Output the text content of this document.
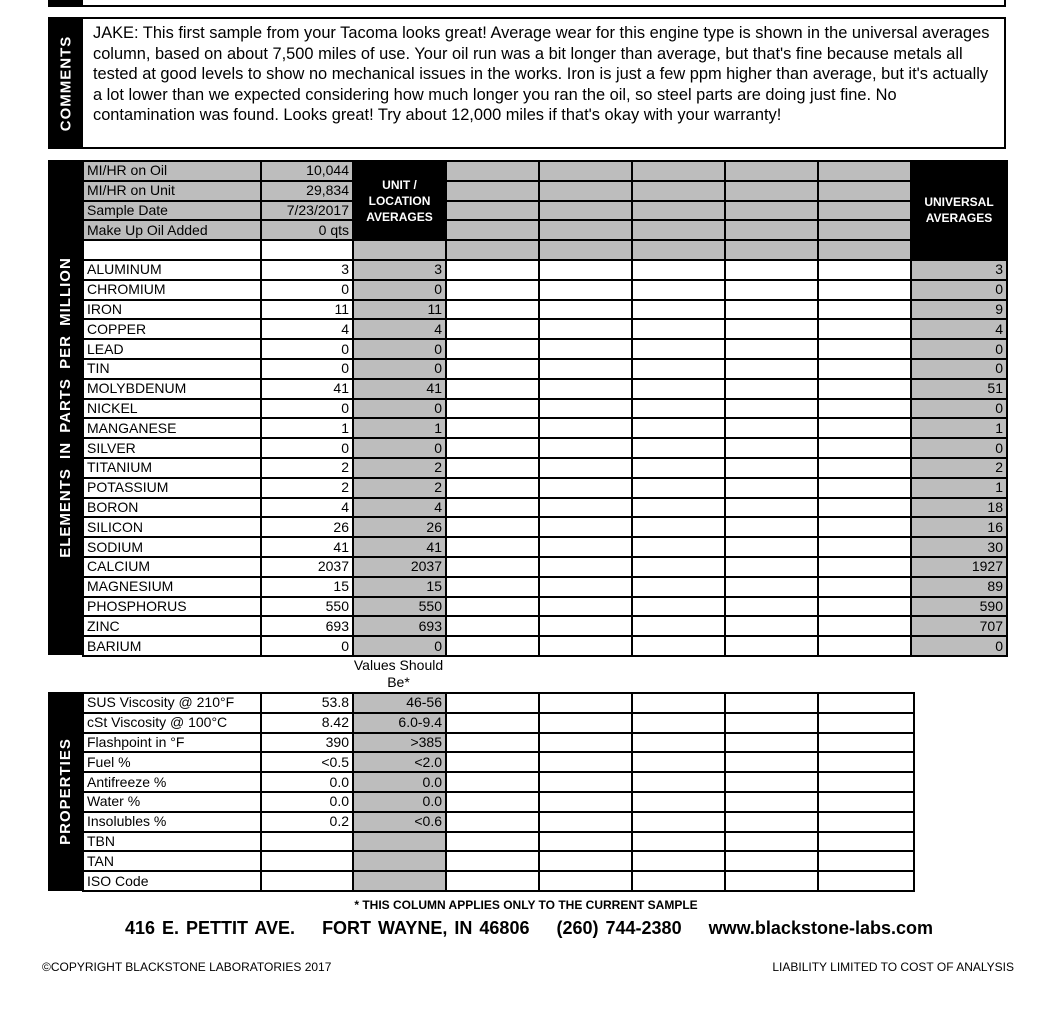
COMMENTS
JAKE: This first sample from your Tacoma looks great! Average wear for this engine type is shown in the universal averages column, based on about 7,500 miles of use. Your oil run was a bit longer than average, but that's fine because metals all tested at good levels to show no mechanical issues in the works. Iron is just a few ppm higher than average, but it's actually a lot lower than we expected considering how much longer you ran the oil, so steel parts are doing just fine. No contamination was found. Looks great! Try about 12,000 miles if that's okay with your warranty!
ELEMENTS IN PARTS PER MILLION
MI/HR on Oil	10,044	UNIT / LOCATION AVERAGES						UNIVERSAL AVERAGES
MI/HR on Unit	29,834							
Sample Date	7/23/2017							
Make Up Oil Added	0 qts							

ALUMINUM	3	3						3
CHROMIUM	0	0						0
IRON	11	11						9
COPPER	4	4						4
LEAD	0	0						0
TIN	0	0						0
MOLYBDENUM	41	41						51
NICKEL	0	0						0
MANGANESE	1	1						1
SILVER	0	0						0
TITANIUM	2	2						2
POTASSIUM	2	2						1
BORON	4	4						18
SILICON	26	26						16
SODIUM	41	41						30
CALCIUM	2037	2037						1927
MAGNESIUM	15	15						89
PHOSPHORUS	550	550						590
ZINC	693	693						707
BARIUM	0	0						0
Values Should Be*
PROPERTIES
SUS Viscosity @ 210°F	53.8	46-56					
cSt Viscosity @ 100°C	8.42	6.0-9.4					
Flashpoint in °F	390	>385					
Fuel %	<0.5	<2.0					
Antifreeze %	0.0	0.0					
Water %	0.0	0.0					
Insolubles %	0.2	<0.6					
TBN							
TAN							
ISO Code							
* THIS COLUMN APPLIES ONLY TO THE CURRENT SAMPLE
416 E. PETTIT AVE. FORT WAYNE, IN 46806 (260) 744-2380 www.blackstone-labs.com
©COPYRIGHT BLACKSTONE LABORATORIES 2017	LIABILITY LIMITED TO COST OF ANALYSIS
